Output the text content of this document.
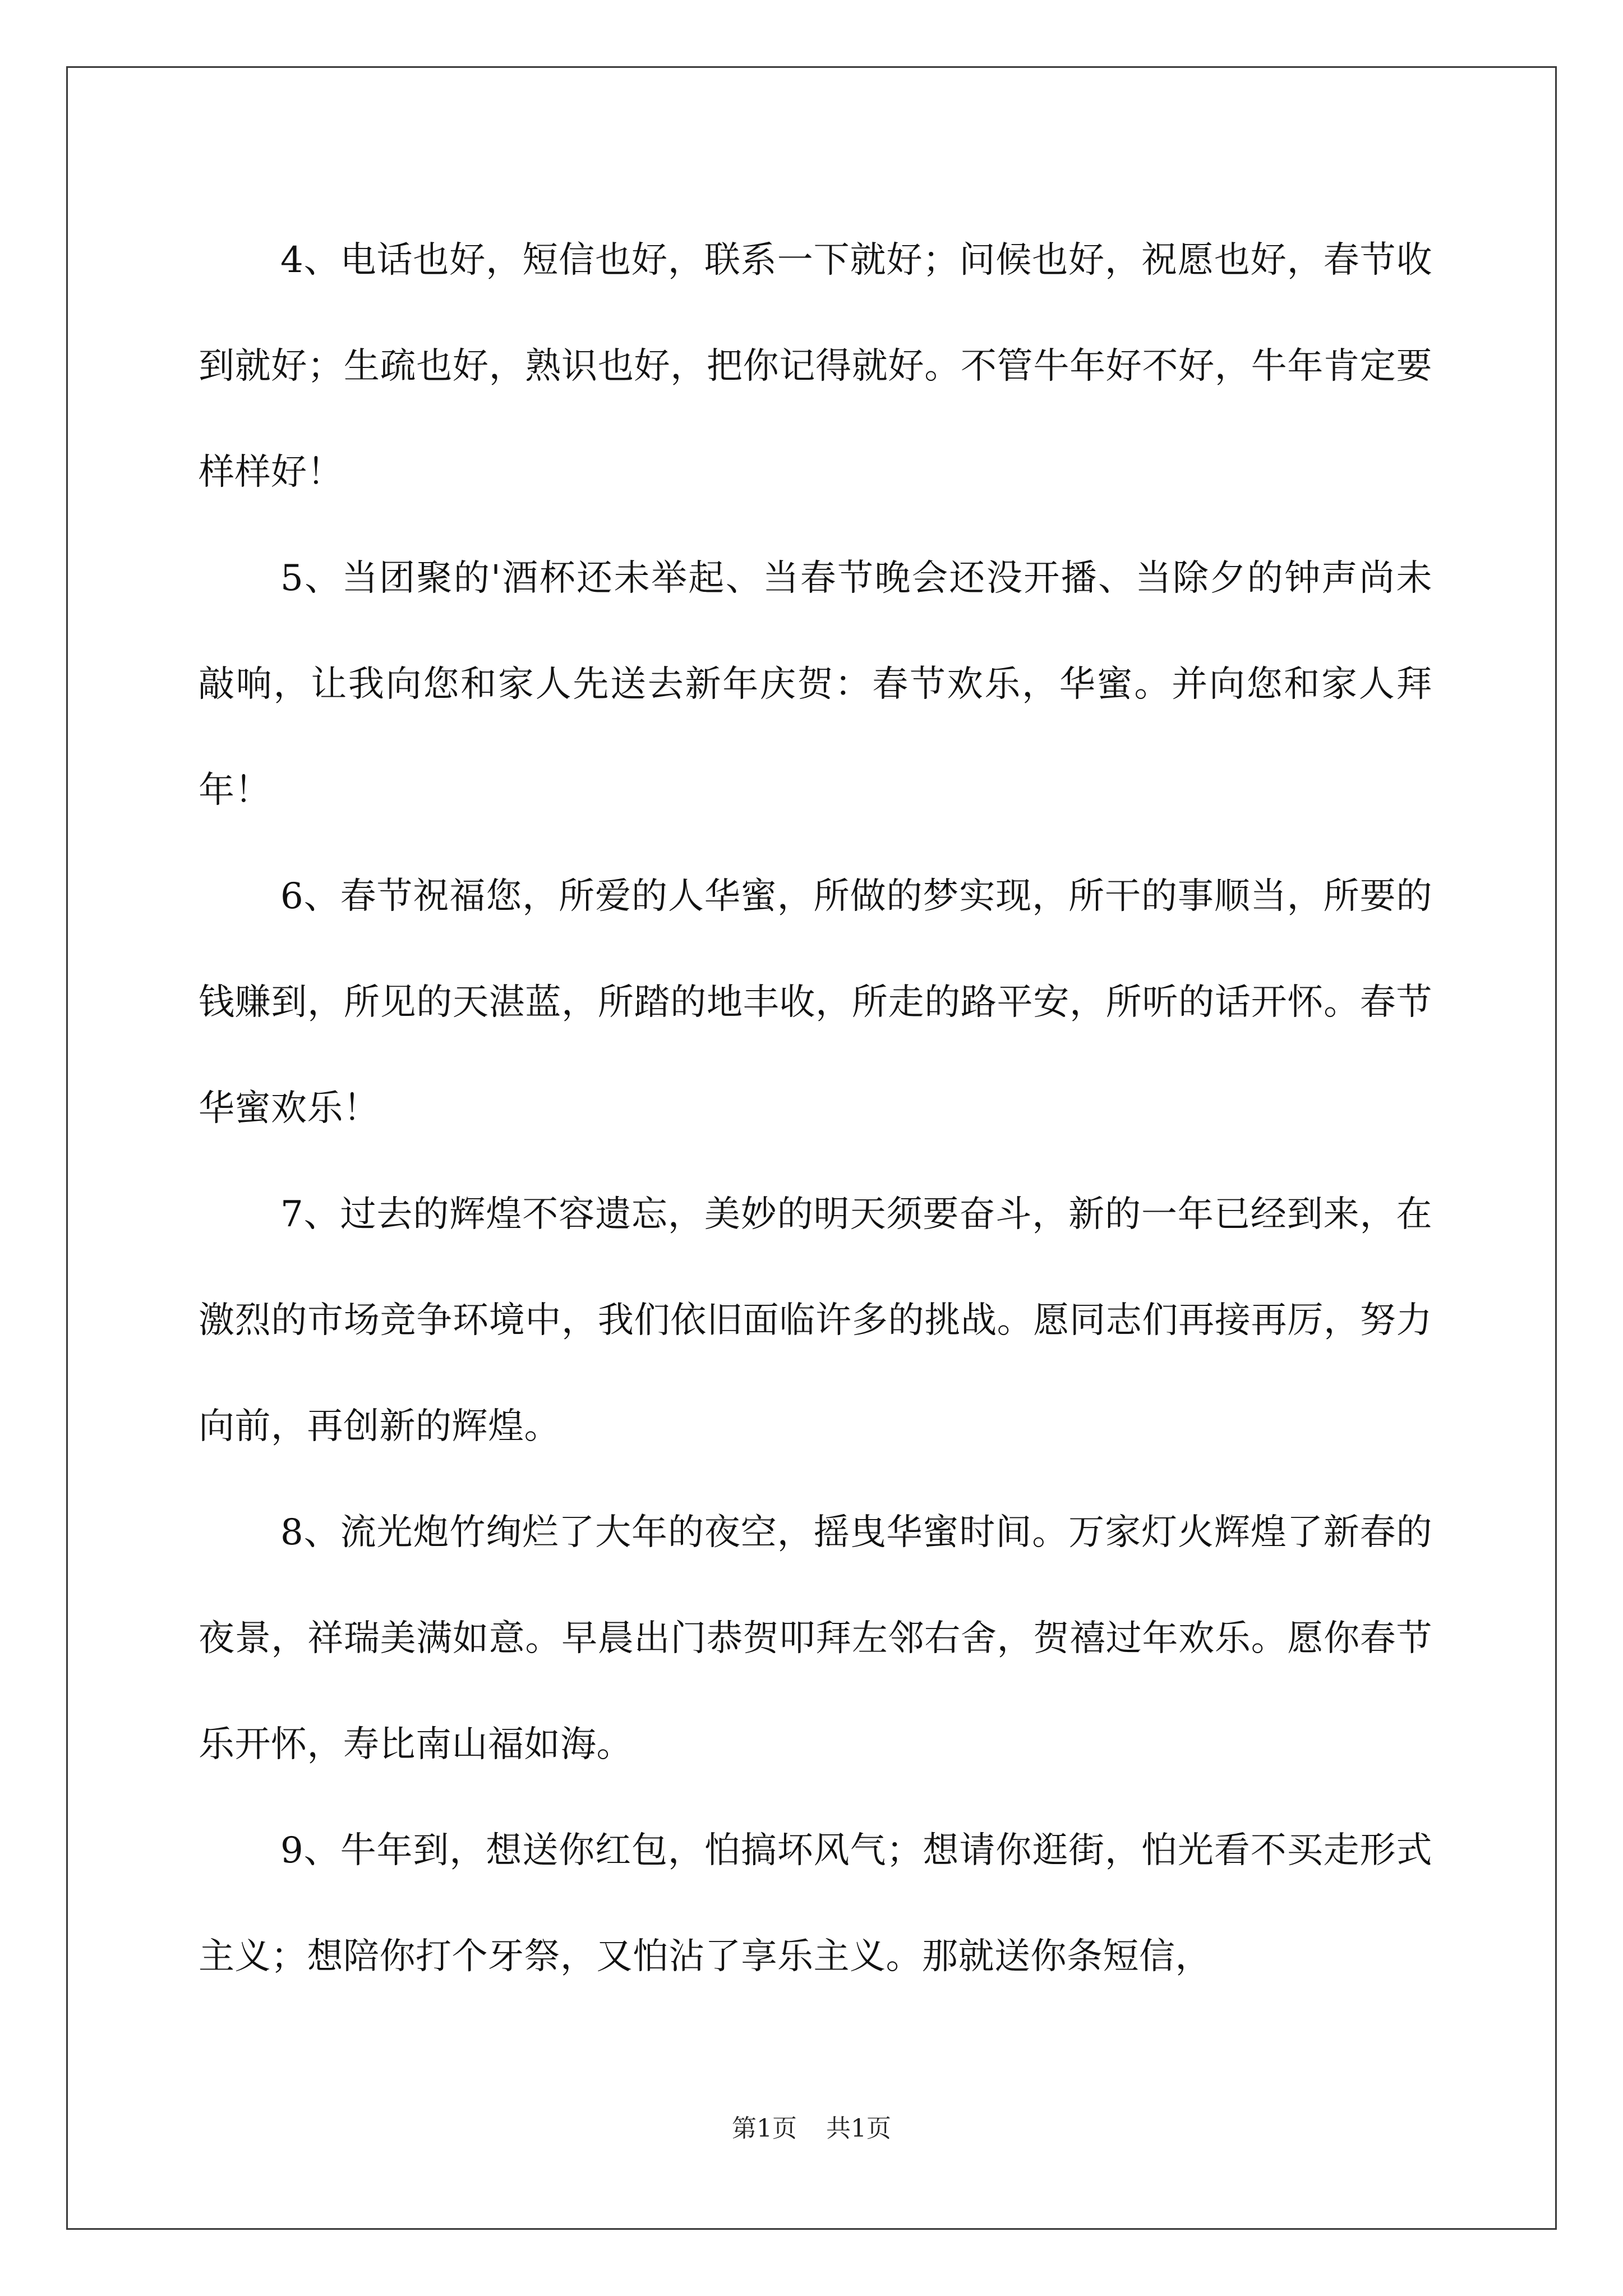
4、电话也好，短信也好，联系一下就好；问候也好，祝愿也好，春节收到就好；生疏也好，熟识也好，把你记得就好。不管牛年好不好，牛年肯定要样样好！

5、当团聚的'酒杯还未举起、当春节晚会还没开播、当除夕的钟声尚未敲响，让我向您和家人先送去新年庆贺：春节欢乐，华蜜。并向您和家人拜年！

6、春节祝福您，所爱的人华蜜，所做的梦实现，所干的事顺当，所要的钱赚到，所见的天湛蓝，所踏的地丰收，所走的路平安，所听的话开怀。春节华蜜欢乐！

7、过去的辉煌不容遗忘，美妙的明天须要奋斗，新的一年已经到来，在激烈的市场竞争环境中，我们依旧面临许多的挑战。愿同志们再接再厉，努力向前，再创新的辉煌。

8、流光炮竹绚烂了大年的夜空，摇曳华蜜时间。万家灯火辉煌了新春的夜景，祥瑞美满如意。早晨出门恭贺叩拜左邻右舍，贺禧过年欢乐。愿你春节乐开怀，寿比南山福如海。

9、牛年到，想送你红包，怕搞坏风气；想请你逛街，怕光看不买走形式主义；想陪你打个牙祭，又怕沾了享乐主义。那就送你条短信，

第1页 共1页
